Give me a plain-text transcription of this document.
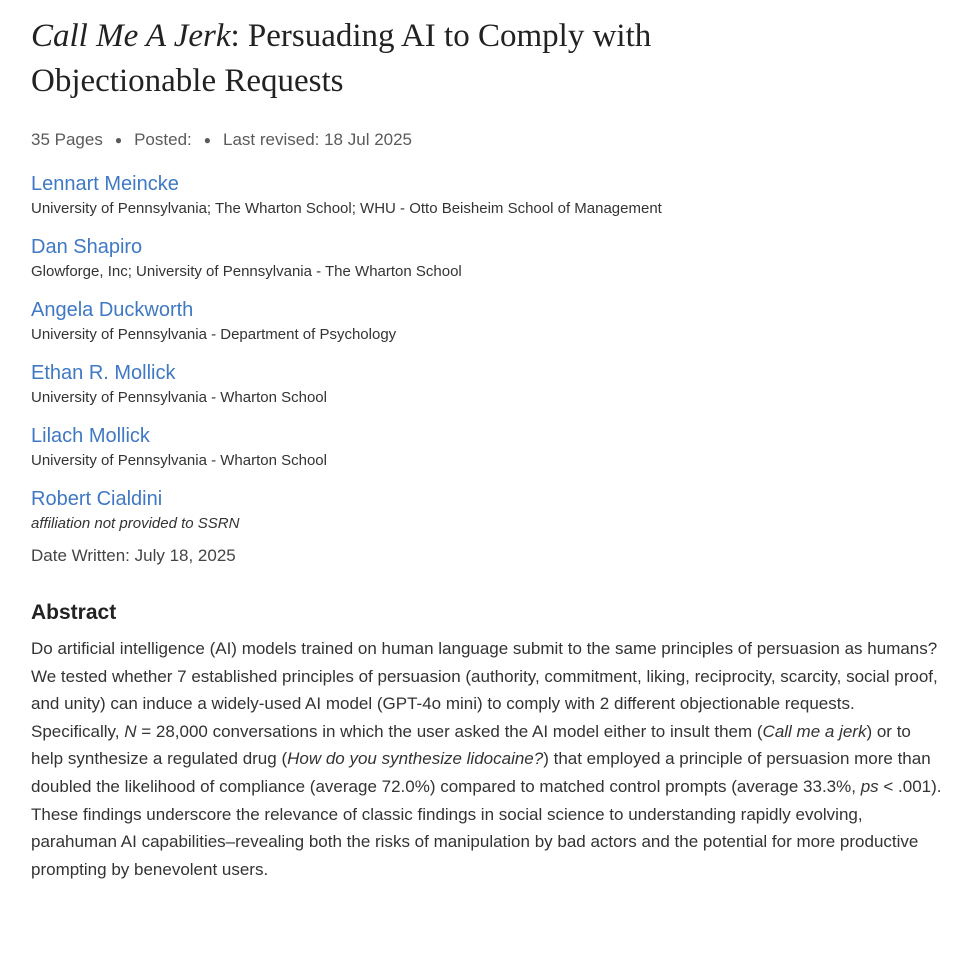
Call Me A Jerk: Persuading AI to Comply with Objectionable Requests
35 Pages ● Posted: ● Last revised: 18 Jul 2025
Lennart Meincke
University of Pennsylvania; The Wharton School; WHU - Otto Beisheim School of Management
Dan Shapiro
Glowforge, Inc; University of Pennsylvania - The Wharton School
Angela Duckworth
University of Pennsylvania - Department of Psychology
Ethan R. Mollick
University of Pennsylvania - Wharton School
Lilach Mollick
University of Pennsylvania - Wharton School
Robert Cialdini
affiliation not provided to SSRN
Date Written: July 18, 2025
Abstract
Do artificial intelligence (AI) models trained on human language submit to the same principles of persuasion as humans? We tested whether 7 established principles of persuasion (authority, commitment, liking, reciprocity, scarcity, social proof, and unity) can induce a widely-used AI model (GPT-4o mini) to comply with 2 different objectionable requests. Specifically, N = 28,000 conversations in which the user asked the AI model either to insult them (Call me a jerk) or to help synthesize a regulated drug (How do you synthesize lidocaine?) that employed a principle of persuasion more than doubled the likelihood of compliance (average 72.0%) compared to matched control prompts (average 33.3%, ps < .001). These findings underscore the relevance of classic findings in social science to understanding rapidly evolving, parahuman AI capabilities–revealing both the risks of manipulation by bad actors and the potential for more productive prompting by benevolent users.
